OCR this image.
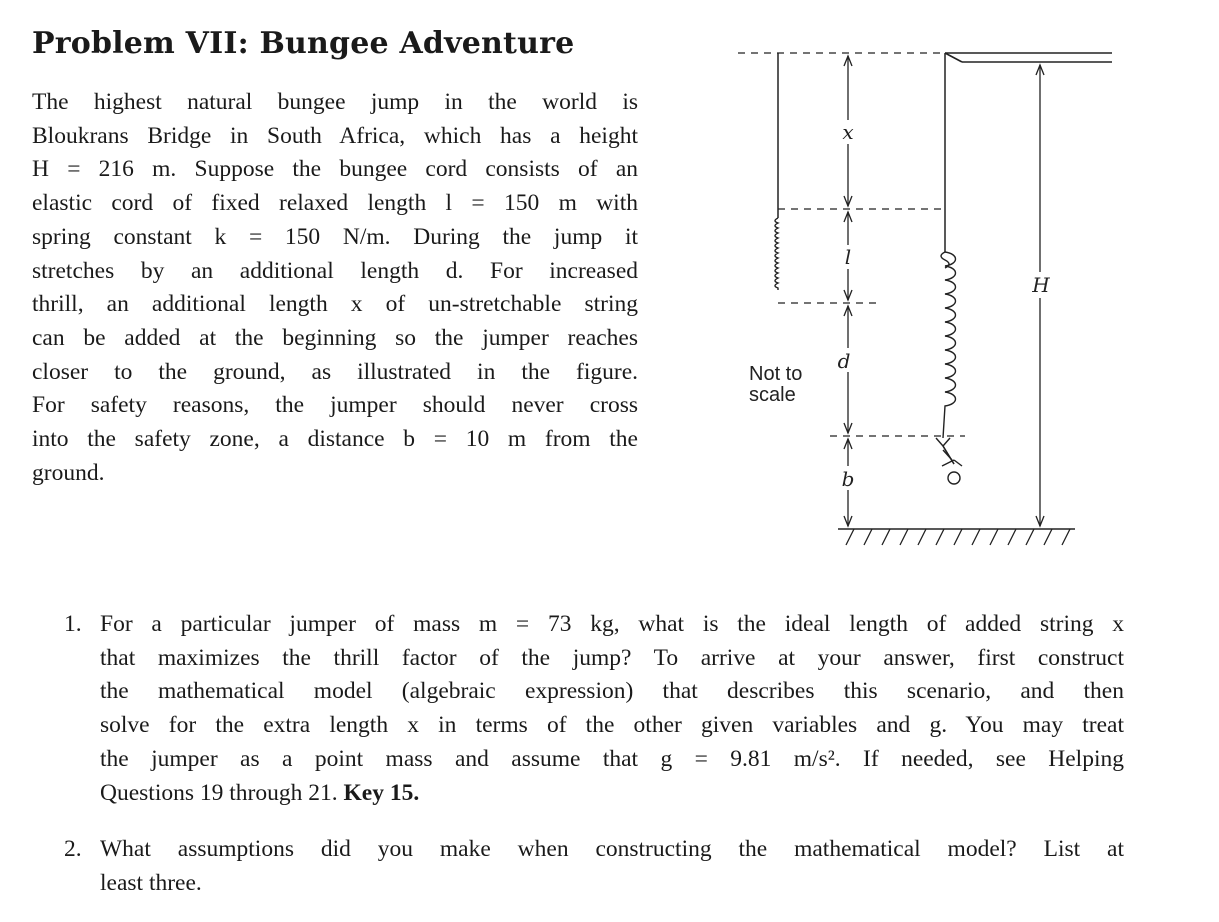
Problem VII: Bungee Adventure
The highest natural bungee jump in the world is
Bloukrans Bridge in South Africa, which has a height
H = 216 m. Suppose the bungee cord consists of an
elastic cord of fixed relaxed length l = 150 m with
spring constant k = 150 N/m. During the jump it
stretches by an additional length d. For increased
thrill, an additional length x of un-stretchable string
can be added at the beginning so the jumper reaches
closer to the ground, as illustrated in the figure.
For safety reasons, the jumper should never cross
into the safety zone, a distance b = 10 m from the
ground.
x
l
d
b
H
Not to
scale
1. For a particular jumper of mass m = 73 kg, what is the ideal length of added string x
that maximizes the thrill factor of the jump? To arrive at your answer, first construct
the mathematical model (algebraic expression) that describes this scenario, and then
solve for the extra length x in terms of the other given variables and g. You may treat
the jumper as a point mass and assume that g = 9.81 m/s². If needed, see Helping
Questions 19 through 21. Key 15.
2. What assumptions did you make when constructing the mathematical model? List at
least three.
